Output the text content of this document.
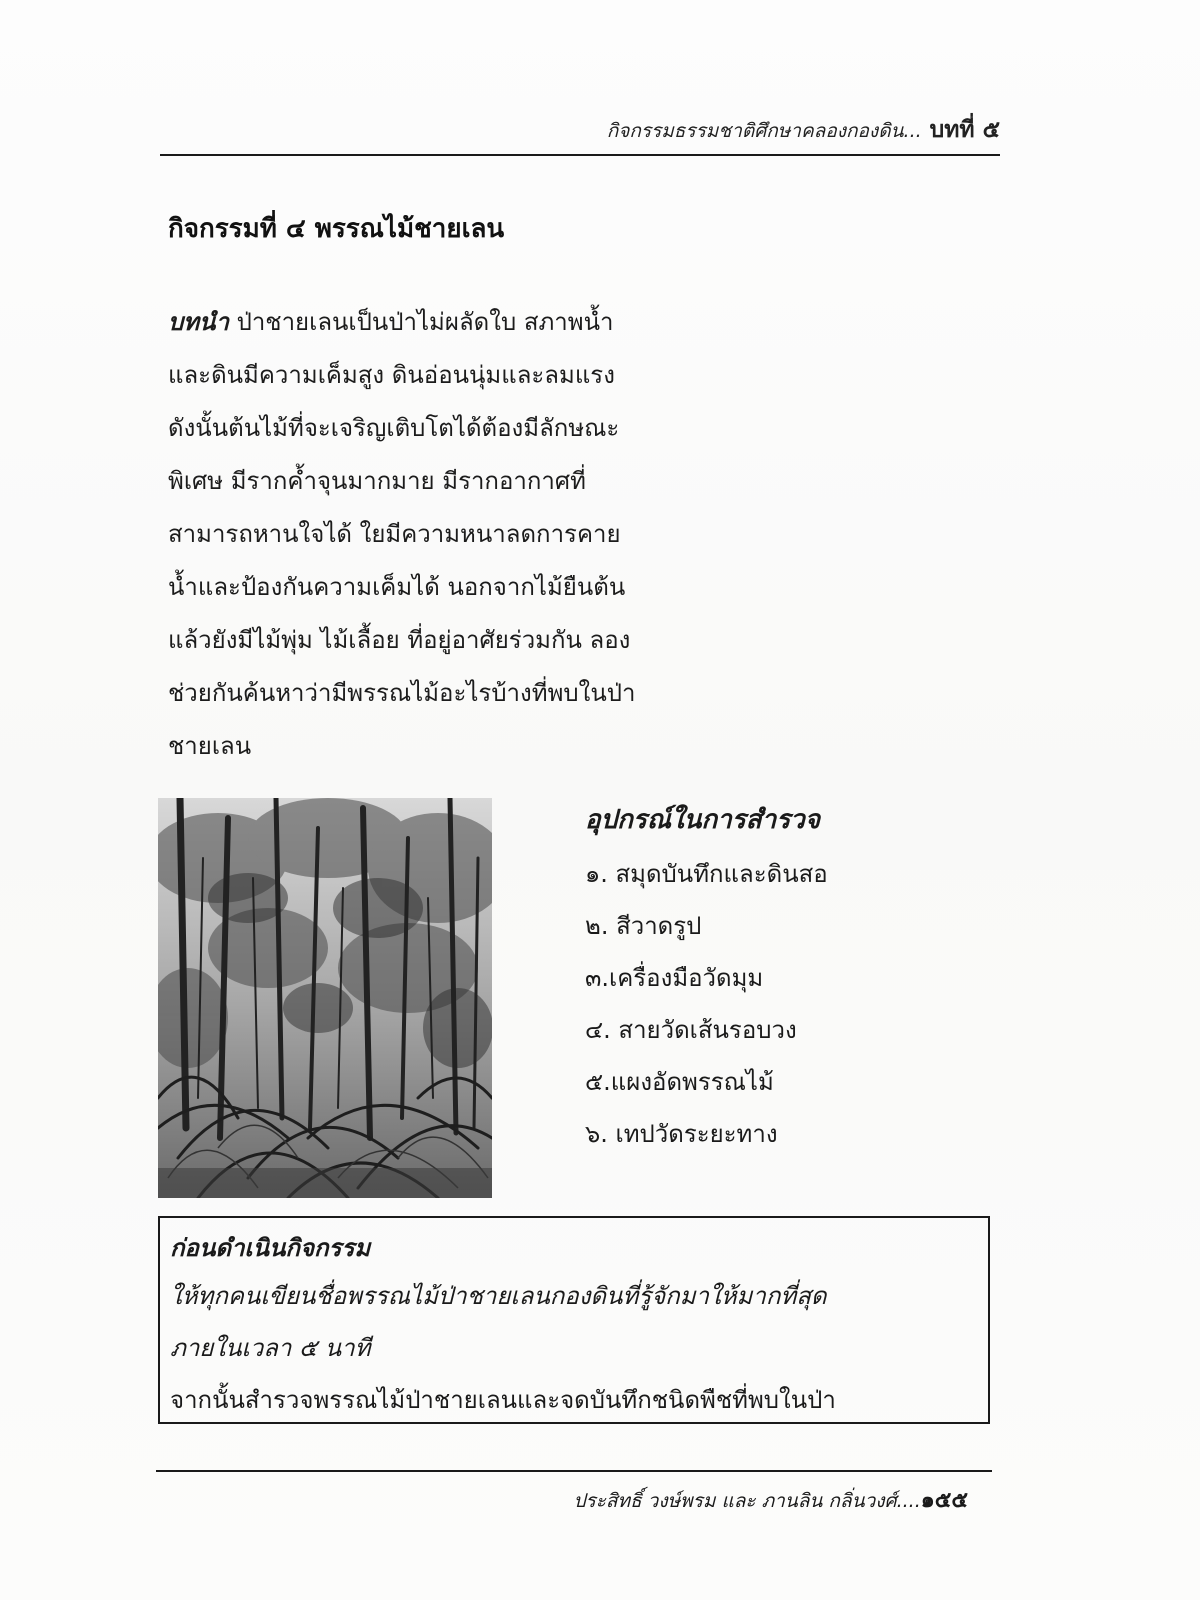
กิจกรรมธรรมชาติศึกษาคลองกองดิน... บทที่ ๕
กิจกรรมที่ ๔ พรรณไม้ชายเลน
บทนำ ป่าชายเลนเป็นป่าไม่ผลัดใบ สภาพน้ำ
และดินมีความเค็มสูง ดินอ่อนนุ่มและลมแรง
ดังนั้นต้นไม้ที่จะเจริญเติบโตได้ต้องมีลักษณะ
พิเศษ มีรากค้ำจุนมากมาย มีรากอากาศที่
สามารถหานใจได้ ใยมีความหนาลดการคาย
น้ำและป้องกันความเค็มได้ นอกจากไม้ยืนต้น
แล้วยังมีไม้พุ่ม ไม้เลื้อย ที่อยู่อาศัยร่วมกัน ลอง
ช่วยกันค้นหาว่ามีพรรณไม้อะไรบ้างที่พบในป่า
ชายเลน
อุปกรณ์ในการสำรวจ
๑. สมุดบันทึกและดินสอ
๒. สีวาดรูป
๓.เครื่องมือวัดมุม
๔. สายวัดเส้นรอบวง
๕.แผงอัดพรรณไม้
๖. เทปวัดระยะทาง
ก่อนดำเนินกิจกรรม
ให้ทุกคนเขียนชื่อพรรณไม้ป่าชายเลนกองดินที่รู้จักมาให้มากที่สุด
ภายในเวลา ๕ นาที
จากนั้นสำรวจพรรณไม้ป่าชายเลนและจดบันทึกชนิดพืชที่พบในป่า
ประสิทธิ์ วงษ์พรม และ ภานลิน กลิ่นวงศ์....๑๕๕
